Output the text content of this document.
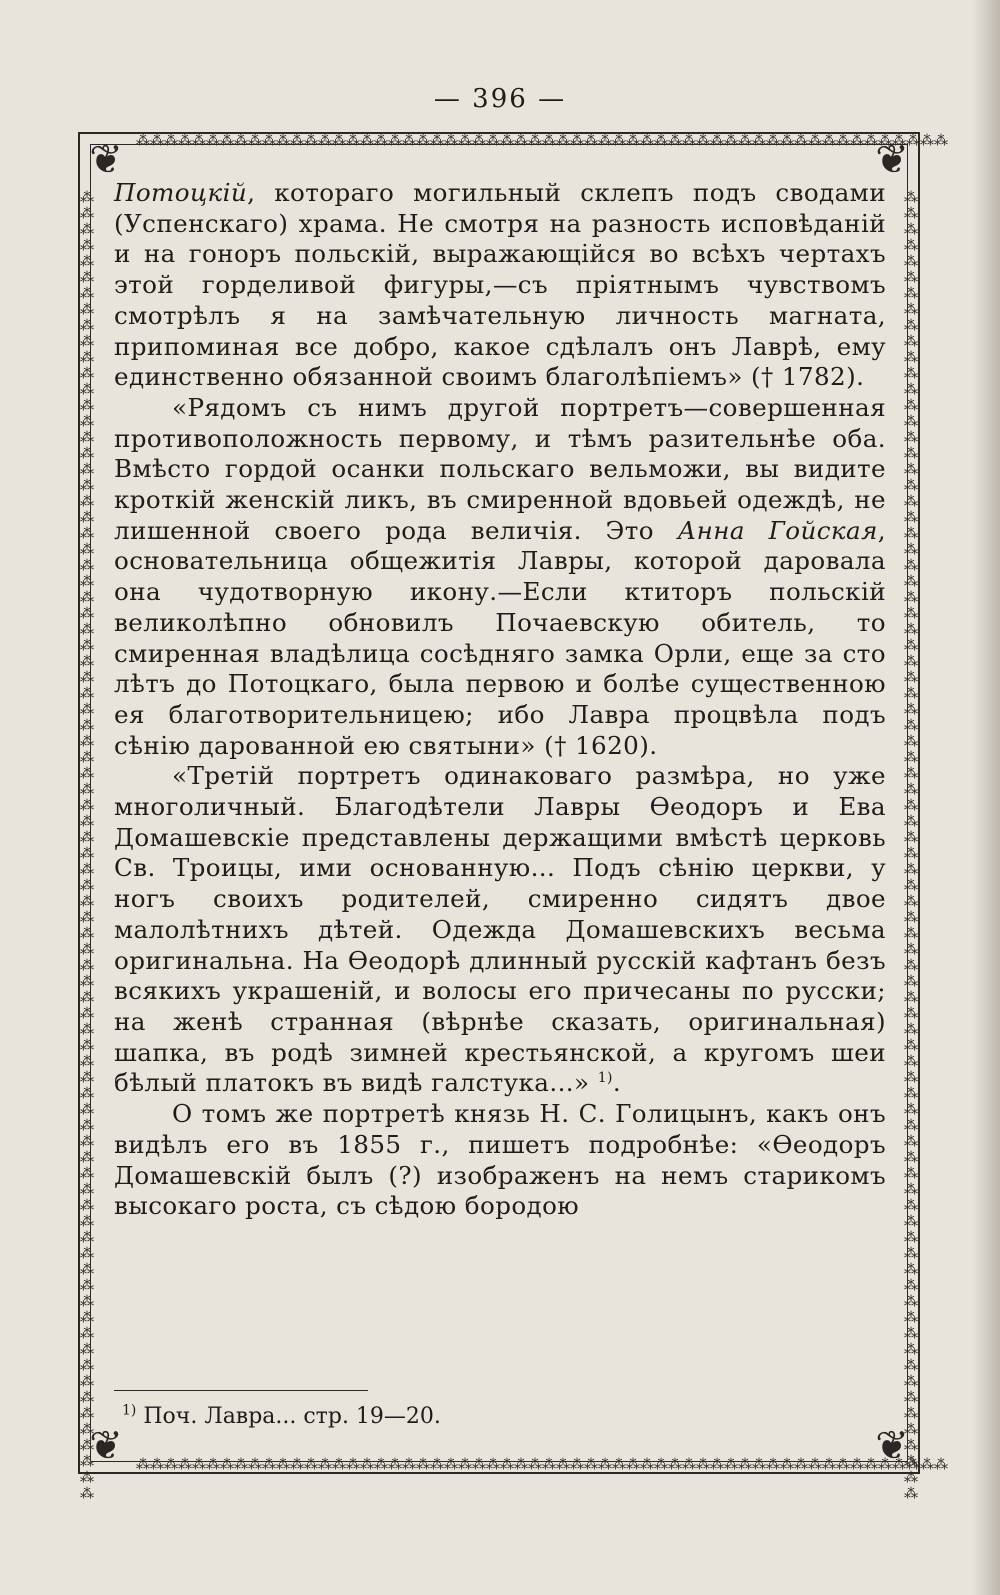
— 396 —
⁂⁂⁂⁂⁂⁂⁂⁂⁂⁂⁂⁂⁂⁂⁂⁂⁂⁂⁂⁂⁂⁂⁂⁂⁂⁂⁂⁂⁂⁂⁂⁂⁂⁂⁂⁂⁂⁂⁂⁂⁂⁂⁂⁂⁂⁂⁂⁂⁂⁂⁂⁂⁂⁂⁂⁂⁂⁂
⁂⁂⁂⁂⁂⁂⁂⁂⁂⁂⁂⁂⁂⁂⁂⁂⁂⁂⁂⁂⁂⁂⁂⁂⁂⁂⁂⁂⁂⁂⁂⁂⁂⁂⁂⁂⁂⁂⁂⁂⁂⁂⁂⁂⁂⁂⁂⁂⁂⁂⁂⁂⁂⁂⁂⁂⁂⁂
⁂⁂⁂⁂⁂⁂⁂⁂⁂⁂⁂⁂⁂⁂⁂⁂⁂⁂⁂⁂⁂⁂⁂⁂⁂⁂⁂⁂⁂⁂⁂⁂⁂⁂⁂⁂⁂⁂⁂⁂⁂⁂⁂⁂⁂⁂⁂⁂⁂⁂⁂⁂⁂⁂⁂⁂⁂⁂⁂⁂⁂⁂⁂⁂⁂⁂⁂⁂⁂⁂⁂⁂⁂⁂⁂⁂⁂⁂⁂⁂⁂⁂	⁂⁂⁂⁂⁂⁂⁂⁂⁂⁂⁂⁂⁂⁂⁂⁂⁂⁂⁂⁂⁂⁂⁂⁂⁂⁂⁂⁂⁂⁂⁂⁂⁂⁂⁂⁂⁂⁂⁂⁂⁂⁂⁂⁂⁂⁂⁂⁂⁂⁂⁂⁂⁂⁂⁂⁂⁂⁂⁂⁂⁂⁂⁂⁂⁂⁂⁂⁂⁂⁂⁂⁂⁂⁂⁂⁂⁂⁂⁂⁂⁂⁂
❦	❦
❦	❦

Потоцкій, котораго могильный склепъ подъ сводами (Успенскаго) храма. Не смотря на разность исповѣданій и на гоноръ польскій, выражающійся во всѣхъ чертахъ этой горделивой фигуры,—съ пріятнымъ чувствомъ смотрѣлъ я на замѣчательную личность магната, припоминая все добро, какое сдѣлалъ онъ Лаврѣ, ему единственно обязанной своимъ благолѣпіемъ» († 1782).

«Рядомъ съ нимъ другой портретъ—совершенная противоположность первому, и тѣмъ разительнѣе оба. Вмѣсто гордой осанки польскаго вельможи, вы видите кроткій женскій ликъ, въ смиренной вдовьей одеждѣ, не лишенной своего рода величія. Это Анна Гойская, основательница общежитія Лавры, которой даровала она чудотворную икону.—Если ктиторъ польскій великолѣпно обновилъ Почаевскую обитель, то смиренная владѣлица сосѣдняго замка Орли, еще за сто лѣтъ до Потоцкаго, была первою и болѣе существенною ея благотворительницею; ибо Лавра процвѣла подъ сѣнію дарованной ею святыни» († 1620).

«Третій портретъ одинаковаго размѣра, но уже многоличный. Благодѣтели Лавры Өеодоръ и Ева Домашевскіе представлены держащими вмѣстѣ церковь Св. Троицы, ими основанную... Подъ сѣнію церкви, у ногъ своихъ родителей, смиренно сидятъ двое малолѣтнихъ дѣтей. Одежда Домашевскихъ весьма оригинальна. На Өеодорѣ длинный русскій кафтанъ безъ всякихъ украшеній, и волосы его причесаны по русски; на женѣ странная (вѣрнѣе сказать, оригинальная) шапка, въ родѣ зимней крестьянской, а кругомъ шеи бѣлый платокъ въ видѣ галстука...» $^{1)}$.

О томъ же портретѣ князь Н. С. Голицынъ, какъ онъ видѣлъ его въ 1855 г., пишетъ подробнѣе: «Өеодоръ Домашевскій былъ (?) изображенъ на немъ старикомъ высокаго роста, съ сѣдою бородою

$^{1)}$ Поч. Лавра... стр. 19—20.
